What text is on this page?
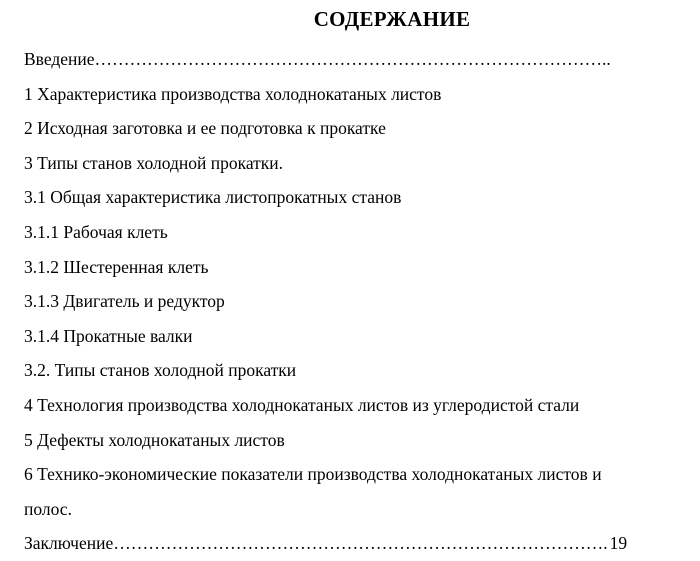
СОДЕРЖАНИЕ
Введение ……………………………………………………………………………..
1 Характеристика производства холоднокатаных листов
2 Исходная заготовка и ее подготовка к прокатке
3 Типы станов холодной прокатки.
3.1 Общая характеристика листопрокатных станов
3.1.1 Рабочая клеть
3.1.2 Шестеренная клеть
3.1.3 Двигатель и редуктор
3.1.4 Прокатные валки
3.2. Типы станов холодной прокатки
4 Технология производства холоднокатаных листов из углеродистой стали
5 Дефекты холоднокатаных листов
6 Технико-экономические показатели производства холоднокатаных листов и
полос.
Заключение …………………………………………………………………………. 19
